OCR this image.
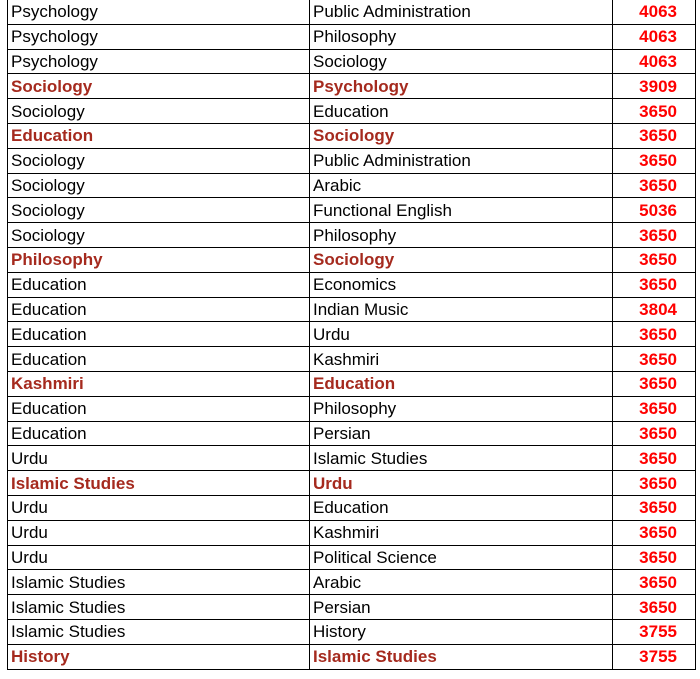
Psychology	Public Administration	4063
Psychology	Philosophy	4063
Psychology	Sociology	4063
Sociology	Psychology	3909
Sociology	Education	3650
Education	Sociology	3650
Sociology	Public Administration	3650
Sociology	Arabic	3650
Sociology	Functional English	5036
Sociology	Philosophy	3650
Philosophy	Sociology	3650
Education	Economics	3650
Education	Indian Music	3804
Education	Urdu	3650
Education	Kashmiri	3650
Kashmiri	Education	3650
Education	Philosophy	3650
Education	Persian	3650
Urdu	Islamic Studies	3650
Islamic Studies	Urdu	3650
Urdu	Education	3650
Urdu	Kashmiri	3650
Urdu	Political Science	3650
Islamic Studies	Arabic	3650
Islamic Studies	Persian	3650
Islamic Studies	History	3755
History	Islamic Studies	3755
